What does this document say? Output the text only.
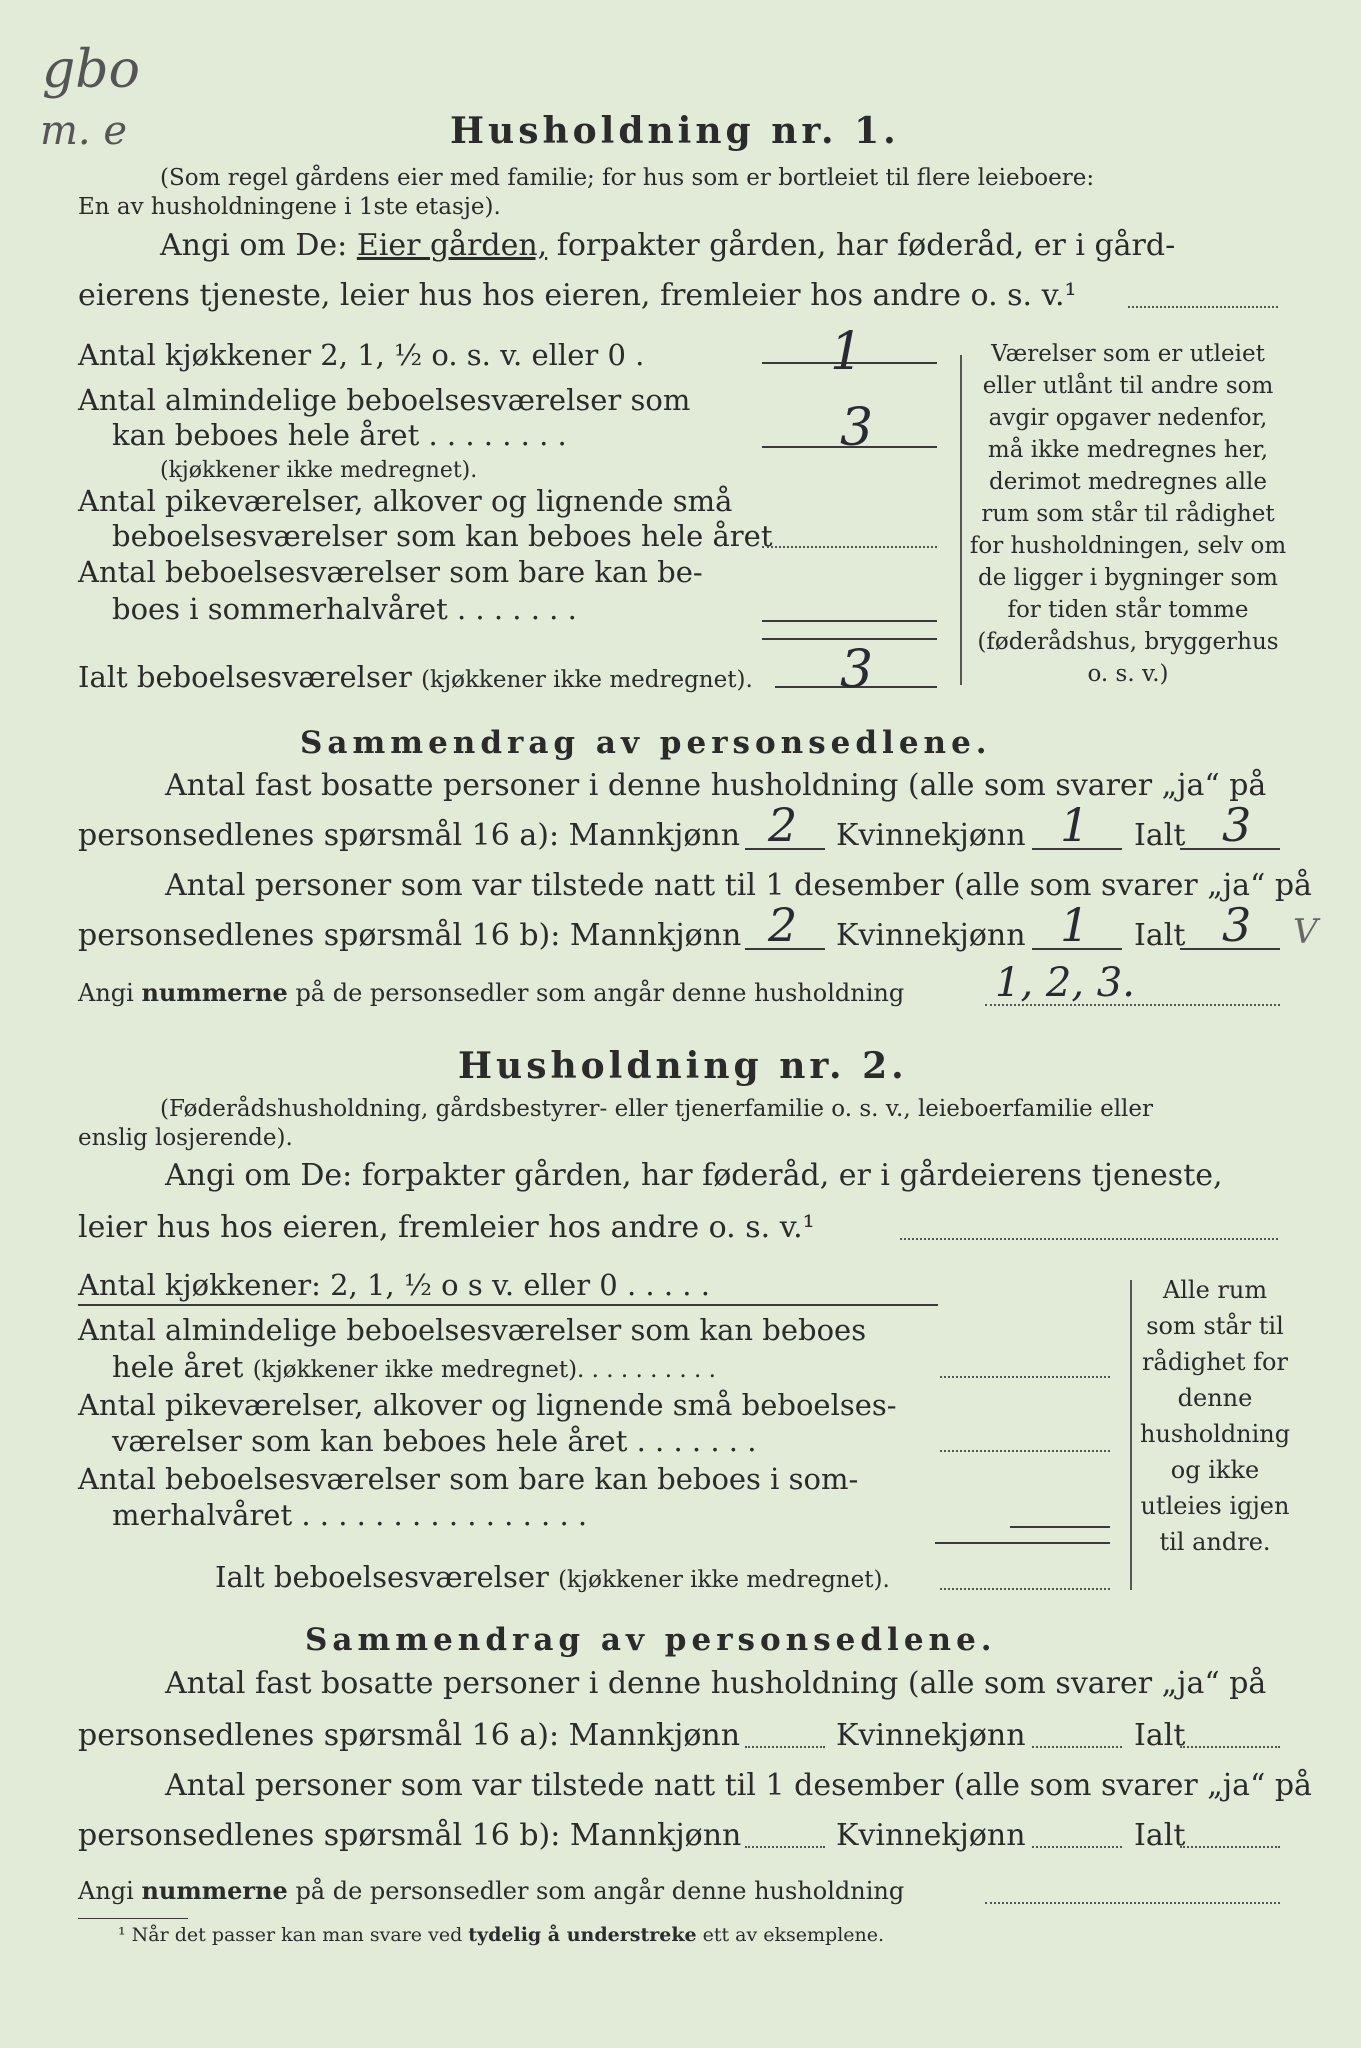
gbo
m. e	Husholdning nr. 1.
(Som regel gårdens eier med familie; for hus som er bortleiet til flere leieboere:
En av husholdningene i 1ste etasje).
Angi om De: Eier gården, forpakter gården, har føderåd, er i gård-
eierens tjeneste, leier hus hos eieren, fremleier hos andre o. s. v.¹
Antal kjøkkener 2, 1, ½ o. s. v. eller 0 .	1
Antal almindelige beboelsesværelser som
kan beboes hele året . . . . . . . .	3
(kjøkkener ikke medregnet).
Antal pikeværelser, alkover og lignende små
beboelsesværelser som kan beboes hele året
Antal beboelsesværelser som bare kan be-
boes i sommerhalvåret . . . . . . .
Ialt beboelsesværelser (kjøkkener ikke medregnet). 3
Værelser som er utleiet eller utlånt til andre som avgir opgaver nedenfor, må ikke medregnes her, derimot medregnes alle rum som står til rådighet for husholdningen, selv om de ligger i bygninger som for tiden står tomme (føderådshus, bryggerhus o. s. v.)
Sammendrag av personsedlene.
Antal fast bosatte personer i denne husholdning (alle som svarer „ja“ på
personsedlenes spørsmål 16 a): Mannkjønn 2 Kvinnekjønn 1 Ialt 3
Antal personer som var tilstede natt til 1 desember (alle som svarer „ja“ på
personsedlenes spørsmål 16 b): Mannkjønn 2 Kvinnekjønn 1 Ialt 3 V
Angi nummerne på de personsedler som angår denne husholdning 1, 2, 3.
Husholdning nr. 2.
(Føderådshusholdning, gårdsbestyrer- eller tjenerfamilie o. s. v., leieboerfamilie eller
enslig losjerende).
Angi om De: forpakter gården, har føderåd, er i gårdeierens tjeneste,
leier hus hos eieren, fremleier hos andre o. s. v.¹
Antal kjøkkener: 2, 1, ½ o s v. eller 0 . . . . .
Antal almindelige beboelsesværelser som kan beboes
hele året (kjøkkener ikke medregnet). . . . . . . . . .
Antal pikeværelser, alkover og lignende små beboelses-
værelser som kan beboes hele året . . . . . . .
Antal beboelsesværelser som bare kan beboes i som-
merhalvåret . . . . . . . . . . . . . . . .
Ialt beboelsesværelser (kjøkkener ikke medregnet).
Alle rum som står til rådighet for denne husholdning og ikke utleies igjen til andre.
Sammendrag av personsedlene.
Antal fast bosatte personer i denne husholdning (alle som svarer „ja“ på
personsedlenes spørsmål 16 a): Mannkjønn	Kvinnekjønn	Ialt
Antal personer som var tilstede natt til 1 desember (alle som svarer „ja“ på
personsedlenes spørsmål 16 b): Mannkjønn	Kvinnekjønn	Ialt
Angi nummerne på de personsedler som angår denne husholdning
¹ Når det passer kan man svare ved tydelig å understreke ett av eksemplene.
